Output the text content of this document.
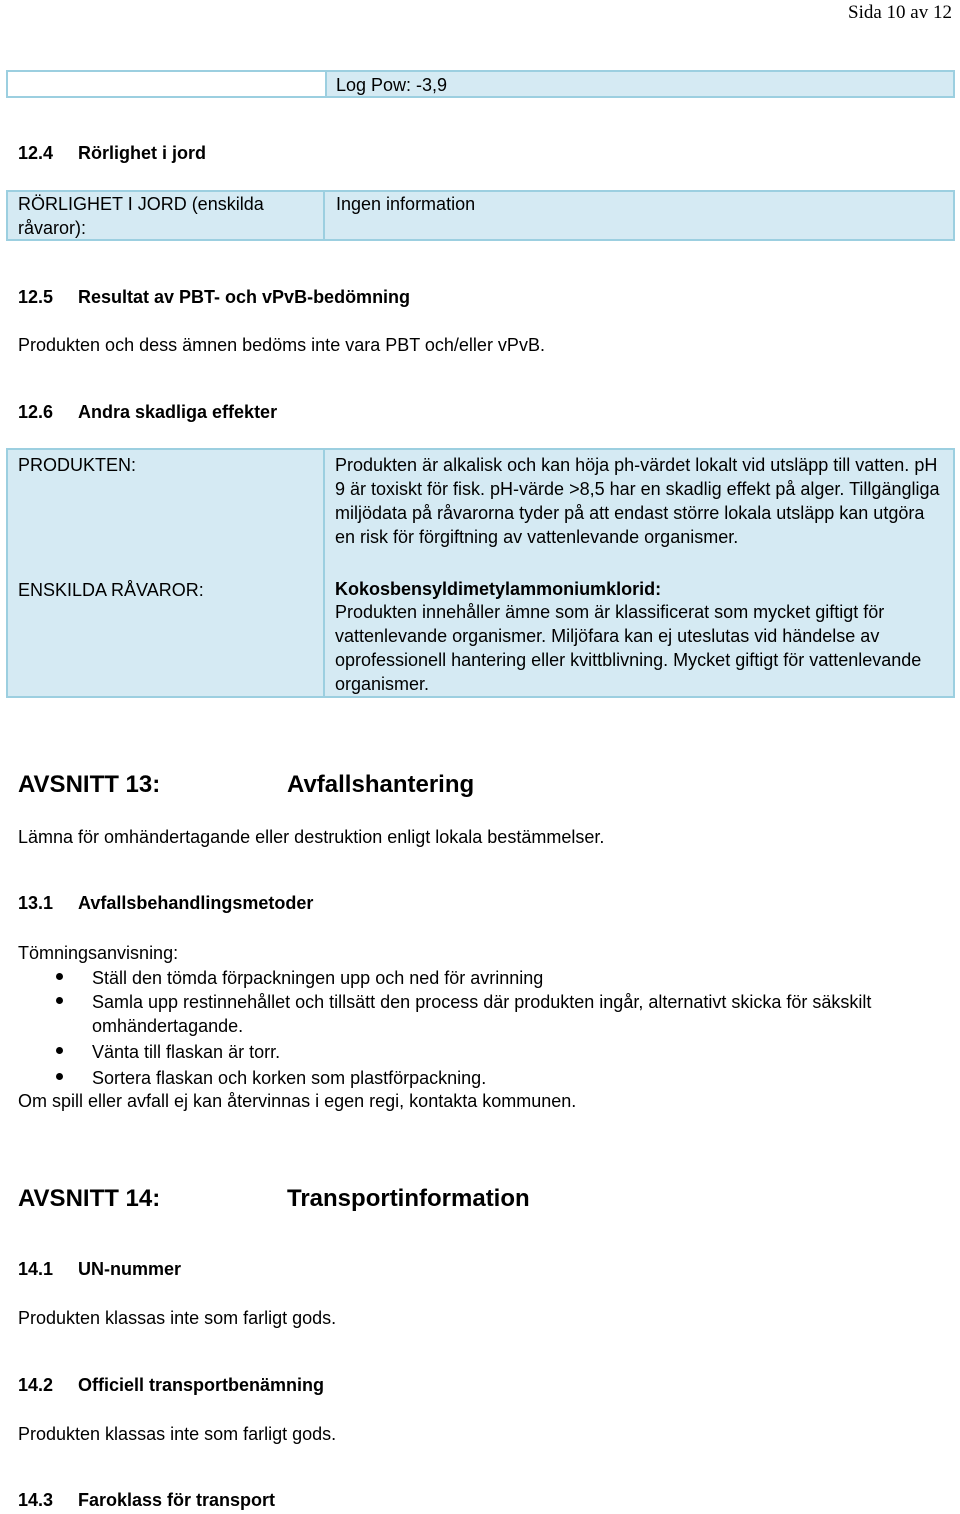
Sida 10 av 12
Log Pow: -3,9
12.4 Rörlighet i jord
RÖRLIGHET I JORD (enskilda råvaror):
Ingen information
12.5 Resultat av PBT- och vPvB-bedömning
Produkten och dess ämnen bedöms inte vara PBT och/eller vPvB.
12.6 Andra skadliga effekter
PRODUKTEN:
ENSKILDA RÅVAROR:
Produkten är alkalisk och kan höja ph-värdet lokalt vid utsläpp till vatten. pH 9 är toxiskt för fisk. pH-värde >8,5 har en skadlig effekt på alger. Tillgängliga miljödata på råvarorna tyder på att endast större lokala utsläpp kan utgöra en risk för förgiftning av vattenlevande organismer.
Kokosbensyldimetylammoniumklorid:
Produkten innehåller ämne som är klassificerat som mycket giftigt för vattenlevande organismer. Miljöfara kan ej uteslutas vid händelse av oprofessionell hantering eller kvittblivning. Mycket giftigt för vattenlevande organismer.
AVSNITT 13:	Avfallshantering
Lämna för omhändertagande eller destruktion enligt lokala bestämmelser.
13.1 Avfallsbehandlingsmetoder
Tömningsanvisning:
Ställ den tömda förpackningen upp och ned för avrinning
Samla upp restinnehållet och tillsätt den process där produkten ingår, alternativt skicka för säkskilt omhändertagande.
Vänta till flaskan är torr.
Sortera flaskan och korken som plastförpackning.
Om spill eller avfall ej kan återvinnas i egen regi, kontakta kommunen.
AVSNITT 14:	Transportinformation
14.1 UN-nummer
Produkten klassas inte som farligt gods.
14.2 Officiell transportbenämning
Produkten klassas inte som farligt gods.
14.3 Faroklass för transport
